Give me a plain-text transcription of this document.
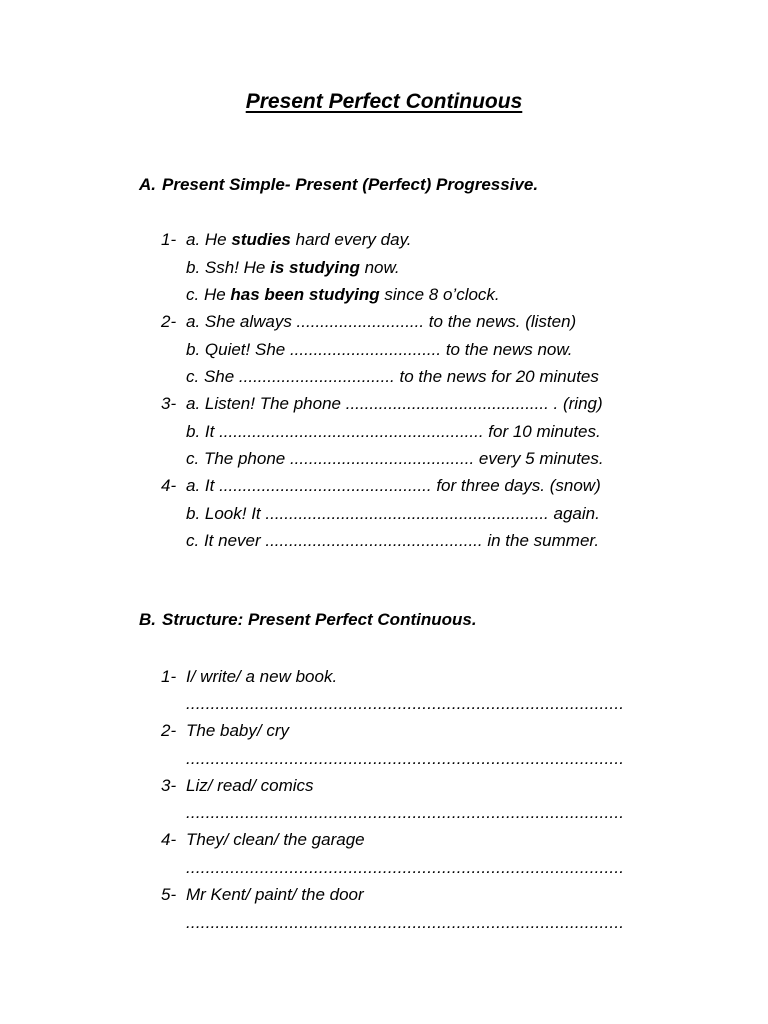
Present Perfect Continuous
A. Present Simple- Present (Perfect) Progressive.
1- a. He studies hard every day.
b. Ssh! He is studying now.
c. He has been studying since 8 o’clock.
2- a. She always ........................... to the news. (listen)
b. Quiet! She ................................ to the news now.
c. She ................................. to the news for 20 minutes
3- a. Listen! The phone ........................................... . (ring)
b. It ........................................................ for 10 minutes.
c. The phone ....................................... every 5 minutes.
4- a. It ............................................. for three days. (snow)
b. Look! It ............................................................ again.
c. It never .............................................. in the summer.
B. Structure: Present Perfect Continuous.
1- I/ write/ a new book.
.........................................................................................
2- The baby/ cry
.........................................................................................
3- Liz/ read/ comics
.........................................................................................
4- They/ clean/ the garage
.........................................................................................
5- Mr Kent/ paint/ the door
.........................................................................................
